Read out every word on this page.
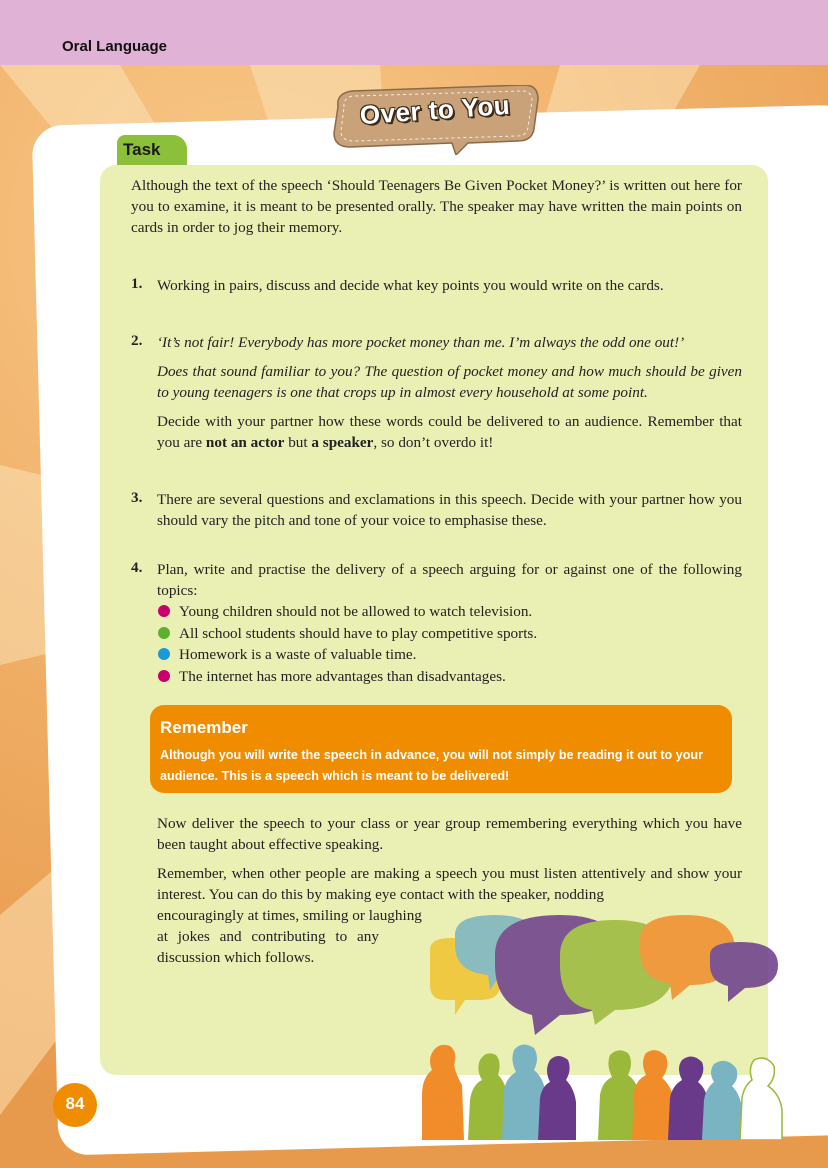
Oral Language
Task
Over to You
Although the text of the speech ‘Should Teenagers Be Given Pocket Money?’ is written out here for you to examine, it is meant to be presented orally. The speaker may have written the main points on cards in order to jog their memory.
1. Working in pairs, discuss and decide what key points you would write on the cards.
2. ‘It’s not fair! Everybody has more pocket money than me. I’m always the odd one out!’

Does that sound familiar to you? The question of pocket money and how much should be given to young teenagers is one that crops up in almost every household at some point.

Decide with your partner how these words could be delivered to an audience. Remember that you are not an actor but a speaker, so don’t overdo it!

3. There are several questions and exclamations in this speech. Decide with your partner how you should vary the pitch and tone of your voice to emphasise these.
4. Plan, write and practise the delivery of a speech arguing for or against one of the following topics:
Young children should not be allowed to watch television.
All school students should have to play competitive sports.
Homework is a waste of valuable time.
The internet has more advantages than disadvantages.
Remember
Although you will write the speech in advance, you will not simply be reading it out to your audience. This is a speech which is meant to be delivered!

Now deliver the speech to your class or year group remembering everything which you have been taught about effective speaking.

Remember, when other people are making a speech you must listen attentively and show your interest. You can do this by making eye contact with the speaker, nodding

encouragingly at times, smiling or laughing
at jokes and contributing to any
discussion which follows.
84
